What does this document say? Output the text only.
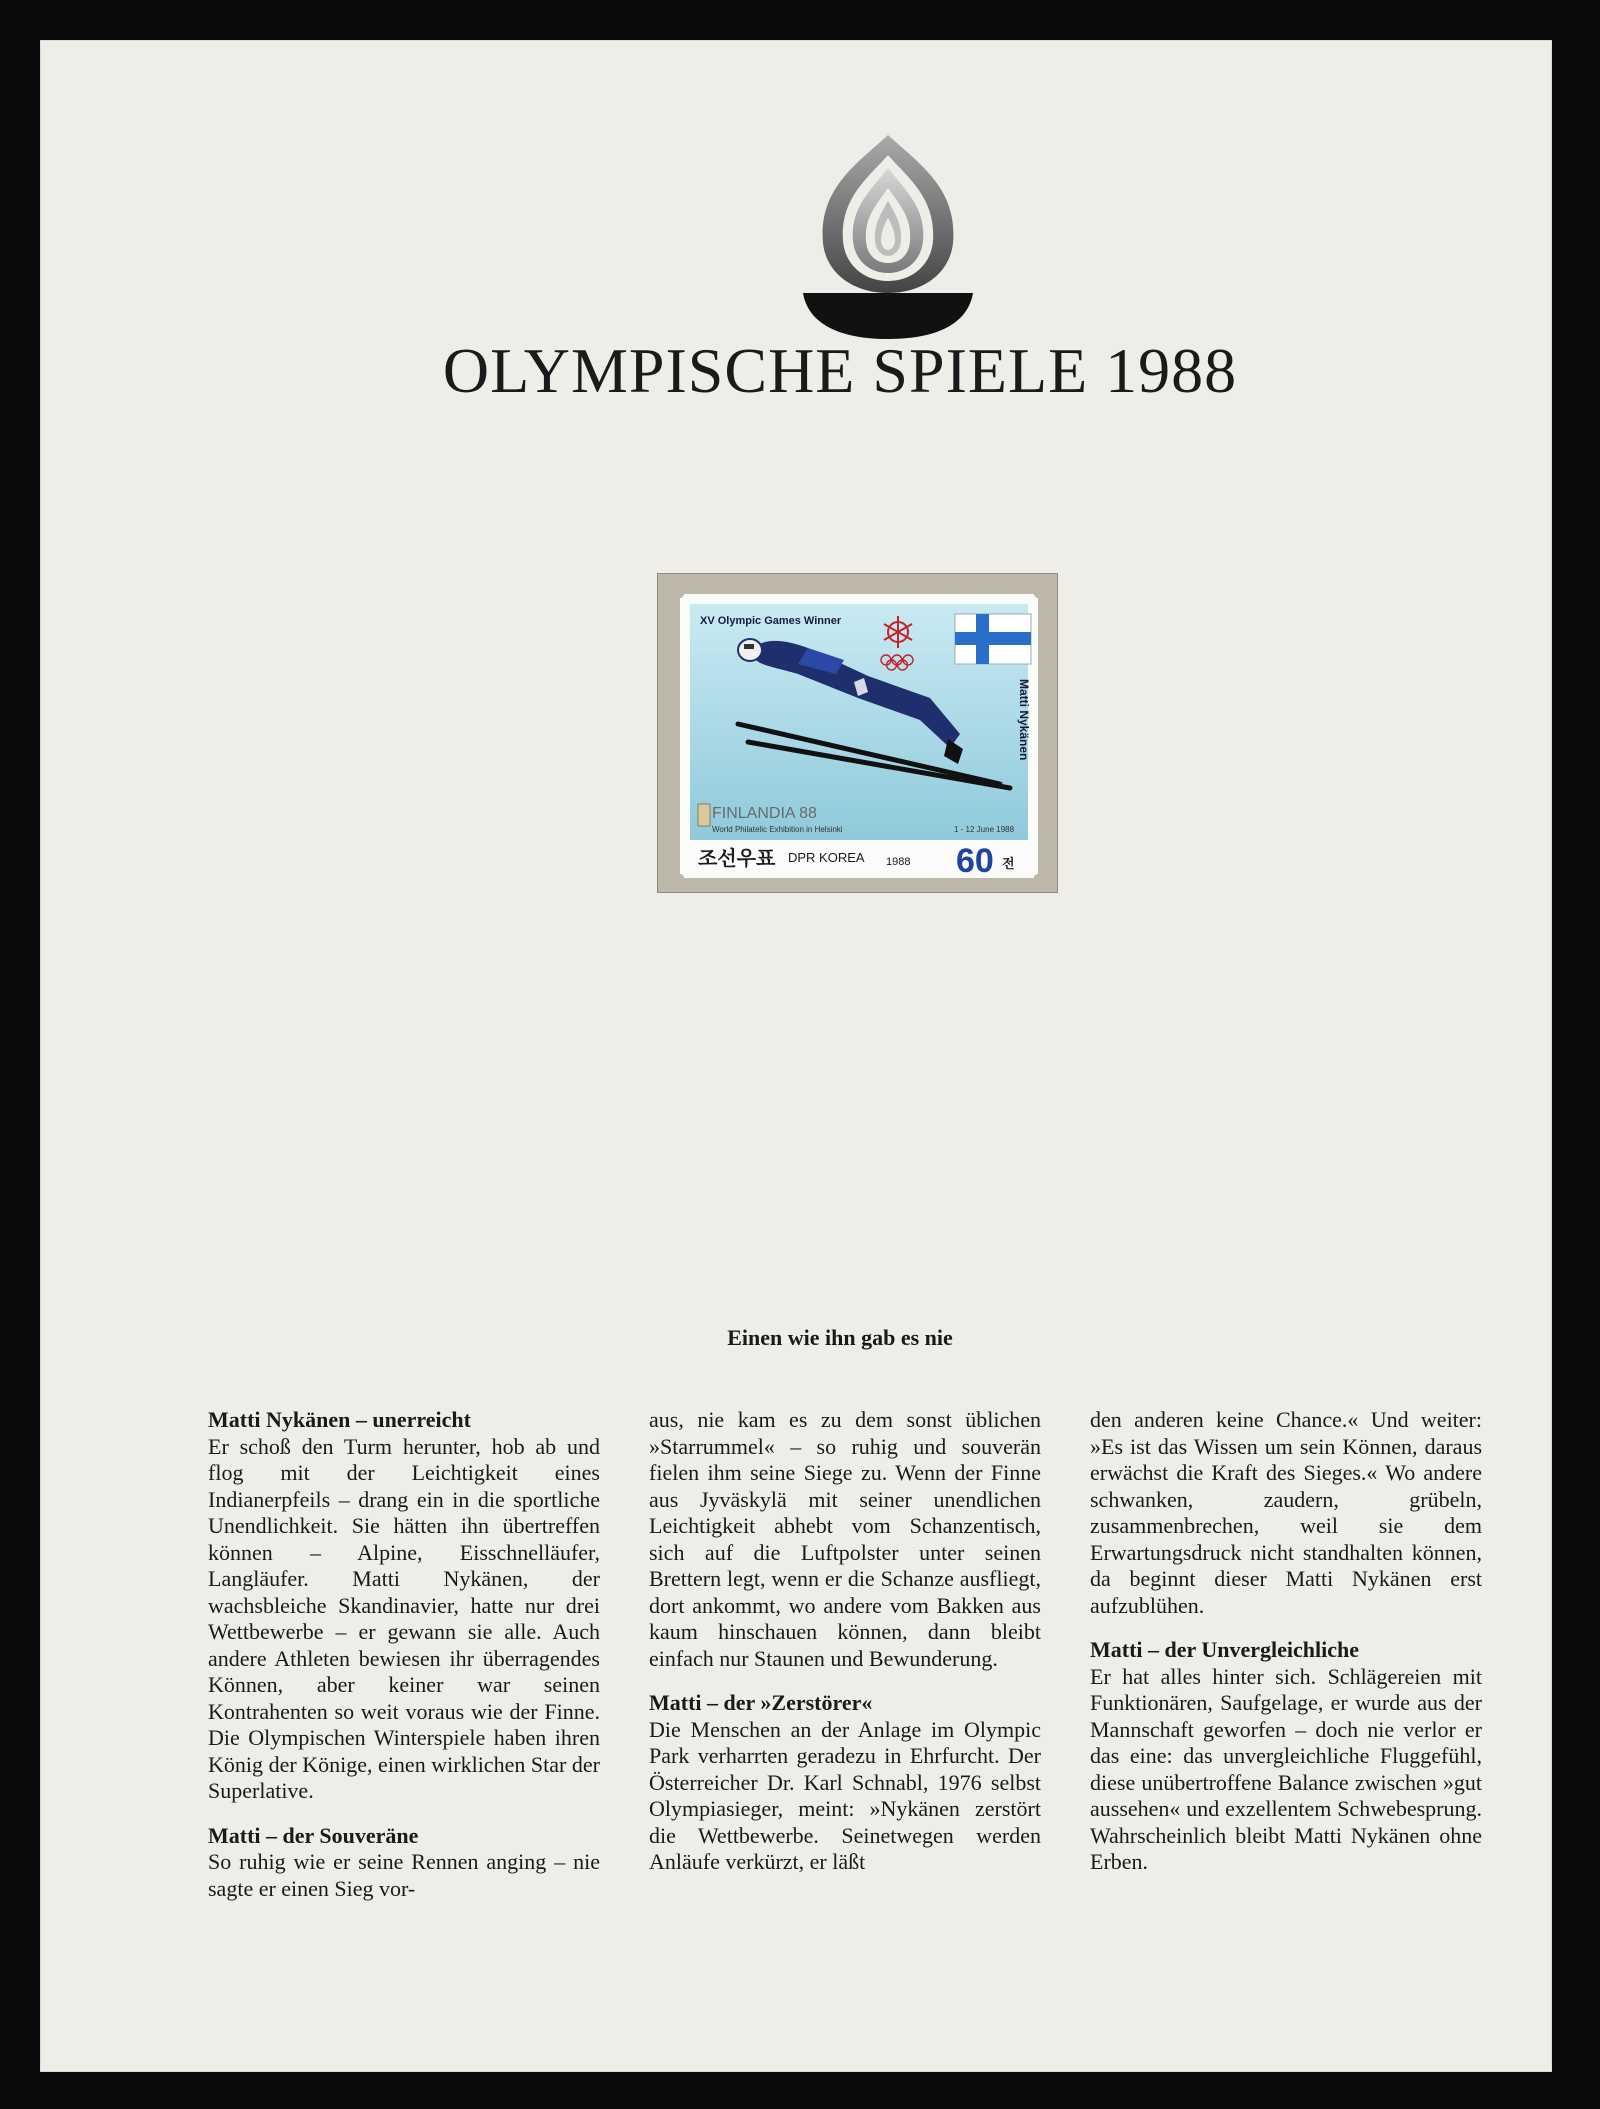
OLYMPISCHE SPIELE 1988
XV Olympic Games Winner
Matti Nykänen
FINLANDIA 88
World Philatelic Exhibition in Helsinki	1 - 12 June 1988
조선우표 DPR KOREA 1988 60 전
Einen wie ihn gab es nie
Matti Nykänen – unerreicht

Er schoß den Turm herunter, hob ab und flog mit der Leichtigkeit eines Indianerpfeils – drang ein in die sportliche Unendlichkeit. Sie hätten ihn übertreffen können – Alpine, Eisschnelläufer, Langläufer. Matti Nykänen, der wachsbleiche Skandinavier, hatte nur drei Wettbewerbe – er gewann sie alle. Auch andere Athleten bewiesen ihr überragendes Können, aber keiner war seinen Kontrahenten so weit voraus wie der Finne. Die Olympischen Winterspiele haben ihren König der Könige, einen wirklichen Star der Superlative.

Matti – der Souveräne

So ruhig wie er seine Rennen anging – nie sagte er einen Sieg vor-

aus, nie kam es zu dem sonst üblichen »Starrummel« – so ruhig und souverän fielen ihm seine Siege zu. Wenn der Finne aus Jyväskylä mit seiner unendlichen Leichtigkeit abhebt vom Schanzentisch, sich auf die Luftpolster unter seinen Brettern legt, wenn er die Schanze ausfliegt, dort ankommt, wo andere vom Bakken aus kaum hinschauen können, dann bleibt einfach nur Staunen und Bewunderung.

Matti – der »Zerstörer«

Die Menschen an der Anlage im Olympic Park verharrten geradezu in Ehrfurcht. Der Österreicher Dr. Karl Schnabl, 1976 selbst Olympiasieger, meint: »Nykänen zerstört die Wettbewerbe. Seinetwegen werden Anläufe verkürzt, er läßt

den anderen keine Chance.« Und weiter: »Es ist das Wissen um sein Können, daraus erwächst die Kraft des Sieges.« Wo andere schwanken, zaudern, grübeln, zusammenbrechen, weil sie dem Erwartungsdruck nicht standhalten können, da beginnt dieser Matti Nykänen erst aufzublühen.

Matti – der Unvergleichliche

Er hat alles hinter sich. Schlägereien mit Funktionären, Saufgelage, er wurde aus der Mannschaft geworfen – doch nie verlor er das eine: das unvergleichliche Fluggefühl, diese unübertroffene Balance zwischen »gut aussehen« und exzellentem Schwebesprung. Wahrscheinlich bleibt Matti Nykänen ohne Erben.
